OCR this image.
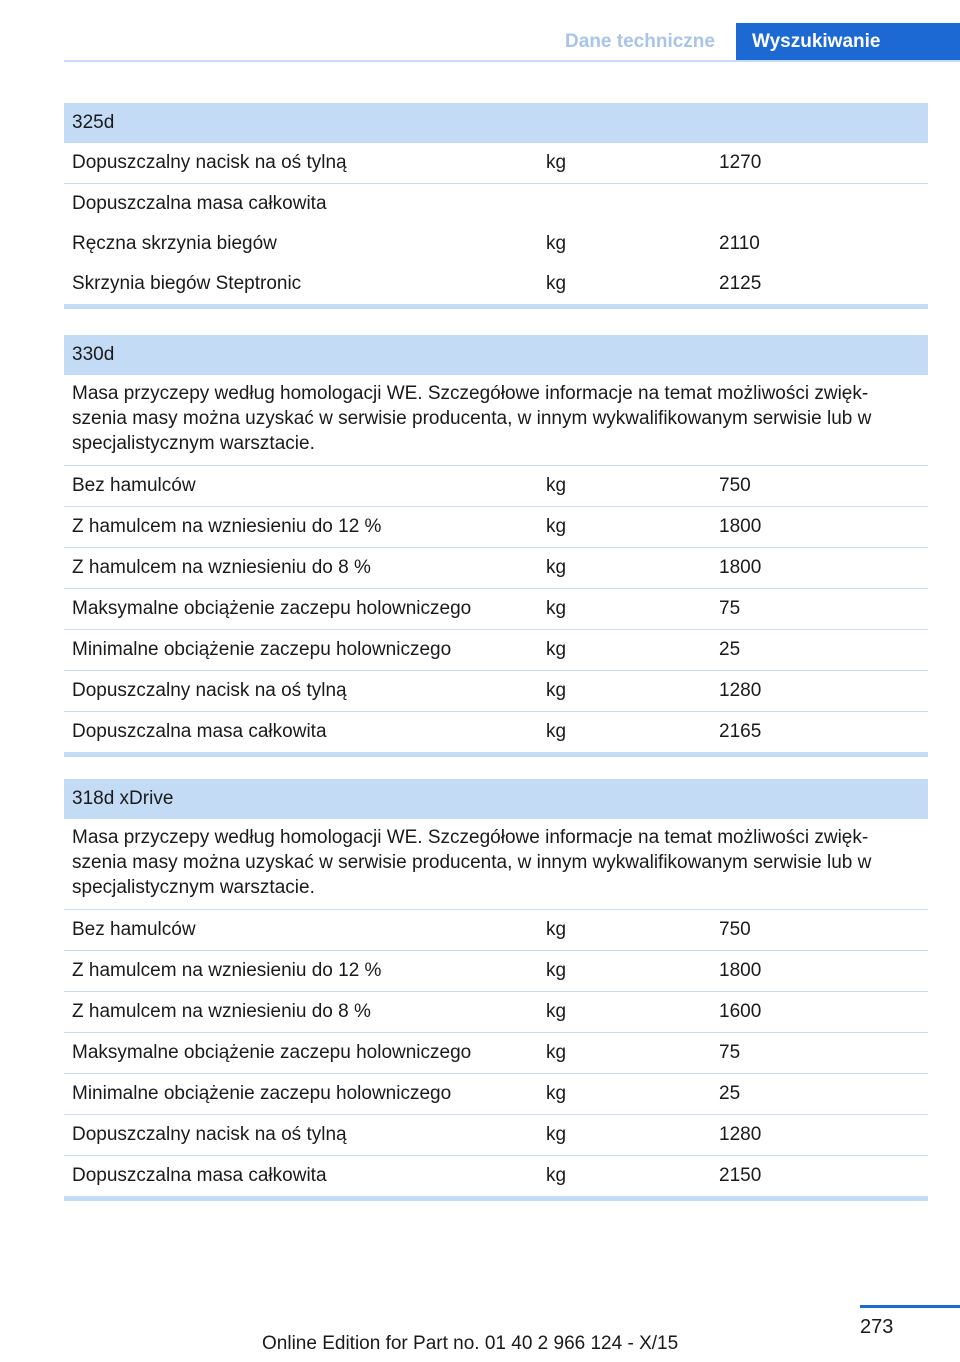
Dane techniczne	Wyszukiwanie
325d
Dopuszczalny nacisk na oś tylną	kg	1270
Dopuszczalna masa całkowita
Ręczna skrzynia biegów	kg	2110
Skrzynia biegów Steptronic	kg	2125
330d
Masa przyczepy według homologacji WE. Szczegółowe informacje na temat możliwości zwięk-szenia masy można uzyskać w serwisie producenta, w innym wykwalifikowanym serwisie lub w specjalistycznym warsztacie.
Bez hamulców	kg	750
Z hamulcem na wzniesieniu do 12 %	kg	1800
Z hamulcem na wzniesieniu do 8 %	kg	1800
Maksymalne obciążenie zaczepu holowniczego	kg	75
Minimalne obciążenie zaczepu holowniczego	kg	25
Dopuszczalny nacisk na oś tylną	kg	1280
Dopuszczalna masa całkowita	kg	2165
318d xDrive
Masa przyczepy według homologacji WE. Szczegółowe informacje na temat możliwości zwięk-szenia masy można uzyskać w serwisie producenta, w innym wykwalifikowanym serwisie lub w specjalistycznym warsztacie.
Bez hamulców	kg	750
Z hamulcem na wzniesieniu do 12 %	kg	1800
Z hamulcem na wzniesieniu do 8 %	kg	1600
Maksymalne obciążenie zaczepu holowniczego	kg	75
Minimalne obciążenie zaczepu holowniczego	kg	25
Dopuszczalny nacisk na oś tylną	kg	1280
Dopuszczalna masa całkowita	kg	2150
273
Online Edition for Part no. 01 40 2 966 124 - X/15
